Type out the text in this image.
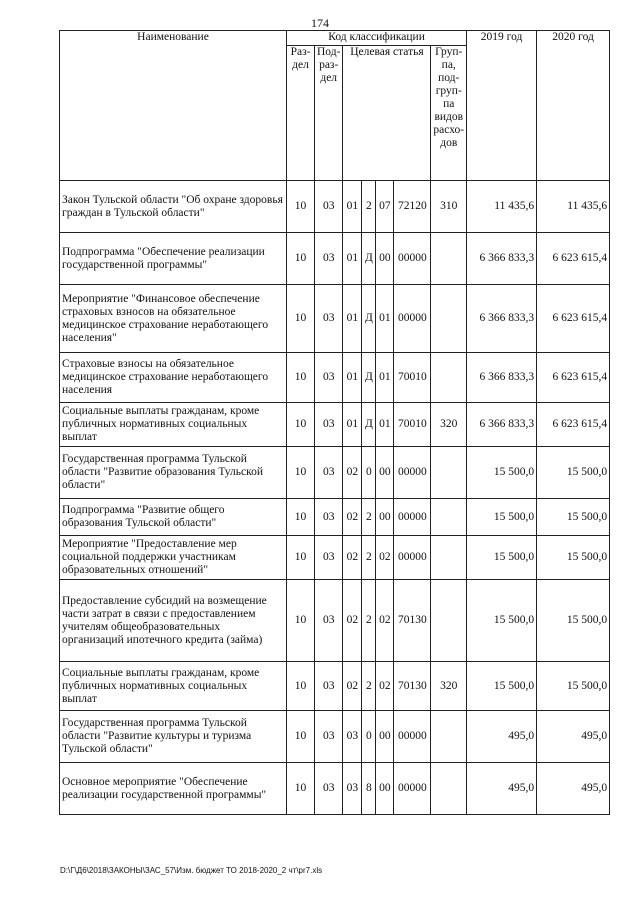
174
Наименование	Код классификации							2019 год	2020 год
	Раз-дел	Под-раз-дел	Целевая статья				Груп-па, под-груп-па видов расхо-дов		
Закон Тульской области "Об охране здоровья граждан в Тульской области"	10	03	01	2	07	72120	310	11 435,6	11 435,6
Подпрограмма "Обеспечение реализации государственной программы"	10	03	01	Д	00	00000		6 366 833,3	6 623 615,4
Мероприятие "Финансовое обеспечение страховых взносов на обязательное медицинское страхование неработающего населения"	10	03	01	Д	01	00000		6 366 833,3	6 623 615,4
Страховые взносы на обязательное медицинское страхование неработающего населения	10	03	01	Д	01	70010		6 366 833,3	6 623 615,4
Социальные выплаты гражданам, кроме публичных нормативных социальных выплат	10	03	01	Д	01	70010	320	6 366 833,3	6 623 615,4
Государственная программа Тульской области "Развитие образования Тульской области"	10	03	02	0	00	00000		15 500,0	15 500,0
Подпрограмма "Развитие общего образования Тульской области"	10	03	02	2	00	00000		15 500,0	15 500,0
Мероприятие "Предоставление мер социальной поддержки участникам образовательных отношений"	10	03	02	2	02	00000		15 500,0	15 500,0
Предоставление субсидий на возмещение части затрат в связи с предоставлением учителям общеобразовательных организаций ипотечного кредита (займа)	10	03	02	2	02	70130		15 500,0	15 500,0
Социальные выплаты гражданам, кроме публичных нормативных социальных выплат	10	03	02	2	02	70130	320	15 500,0	15 500,0
Государственная программа Тульской области "Развитие культуры и туризма Тульской области"	10	03	03	0	00	00000		495,0	495,0
Основное мероприятие "Обеспечение реализации государственной программы"	10	03	03	8	00	00000		495,0	495,0
D:\Г\Д6\2018\ЗАКОНЫ\ЗАС_57\Изм. бюджет ТО 2018-2020_2 чт\pr7.xls
